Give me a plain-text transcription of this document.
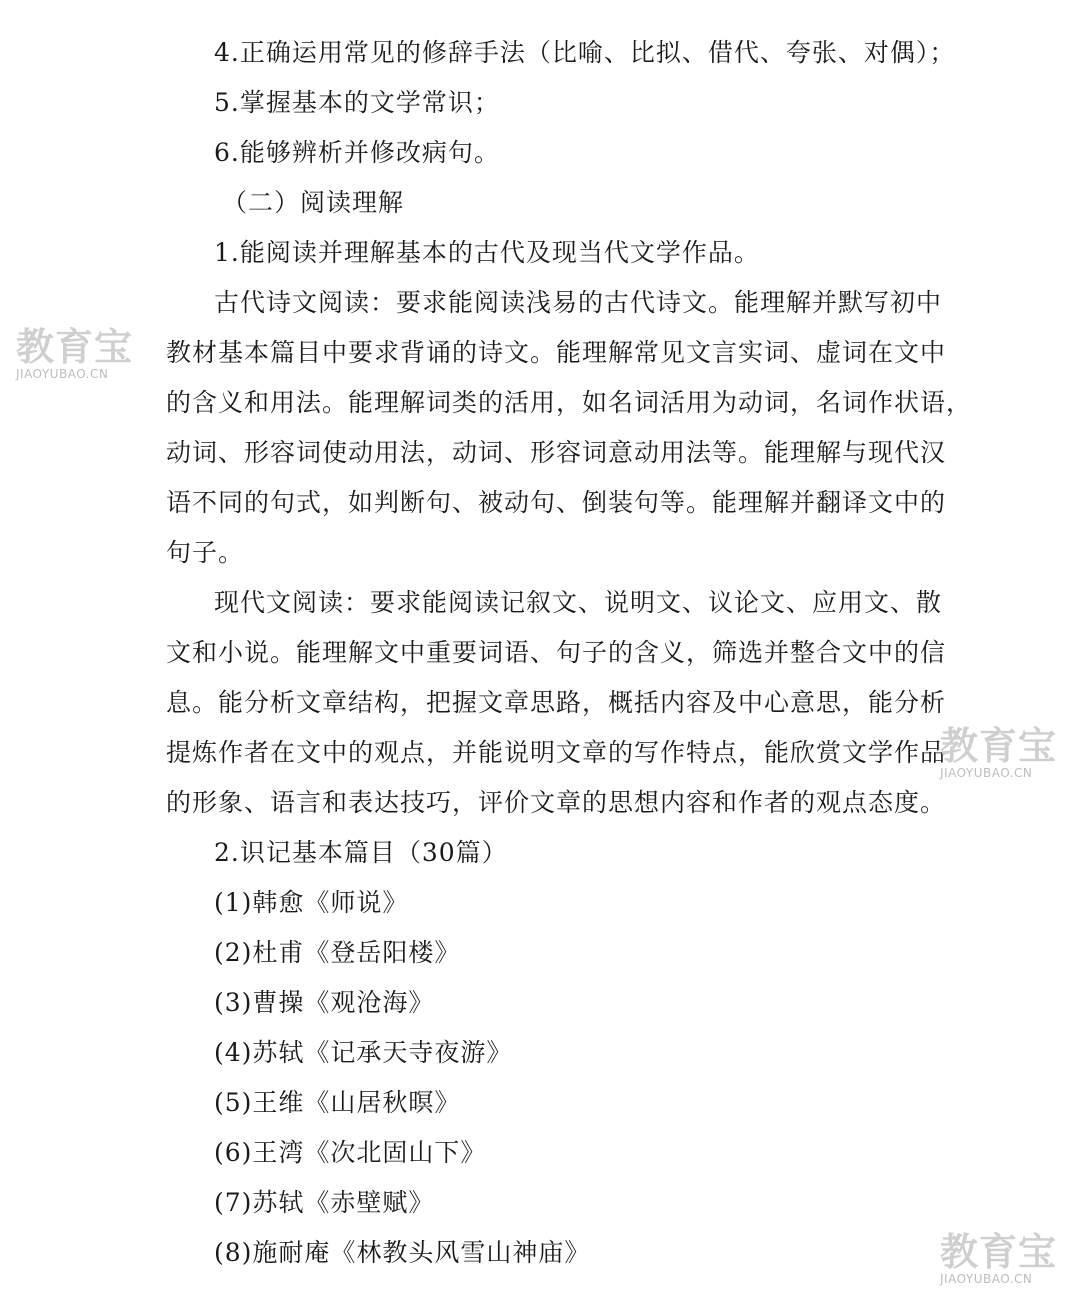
4.正确运用常见的修辞手法（比喻、比拟、借代、夸张、对偶）；
5.掌握基本的文学常识；
6.能够辨析并修改病句。
（二）阅读理解
1.能阅读并理解基本的古代及现当代文学作品。
古代诗文阅读：要求能阅读浅易的古代诗文。能理解并默写初中
教材基本篇目中要求背诵的诗文。能理解常见文言实词、虚词在文中
的含义和用法。能理解词类的活用，如名词活用为动词，名词作状语，
动词、形容词使动用法，动词、形容词意动用法等。能理解与现代汉
语不同的句式，如判断句、被动句、倒装句等。能理解并翻译文中的
句子。
现代文阅读：要求能阅读记叙文、说明文、议论文、应用文、散
文和小说。能理解文中重要词语、句子的含义，筛选并整合文中的信
息。能分析文章结构，把握文章思路，概括内容及中心意思，能分析
提炼作者在文中的观点，并能说明文章的写作特点，能欣赏文学作品
的形象、语言和表达技巧，评价文章的思想内容和作者的观点态度。
2.识记基本篇目（30篇）
(1)韩愈《师说》
(2)杜甫《登岳阳楼》
(3)曹操《观沧海》
(4)苏轼《记承天寺夜游》
(5)王维《山居秋暝》
(6)王湾《次北固山下》
(7)苏轼《赤壁赋》
(8)施耐庵《林教头风雪山神庙》
教育宝
JIAOYUBAO.CN
教育宝
JIAOYUBAO.CN
教育宝
JIAOYUBAO.CN
